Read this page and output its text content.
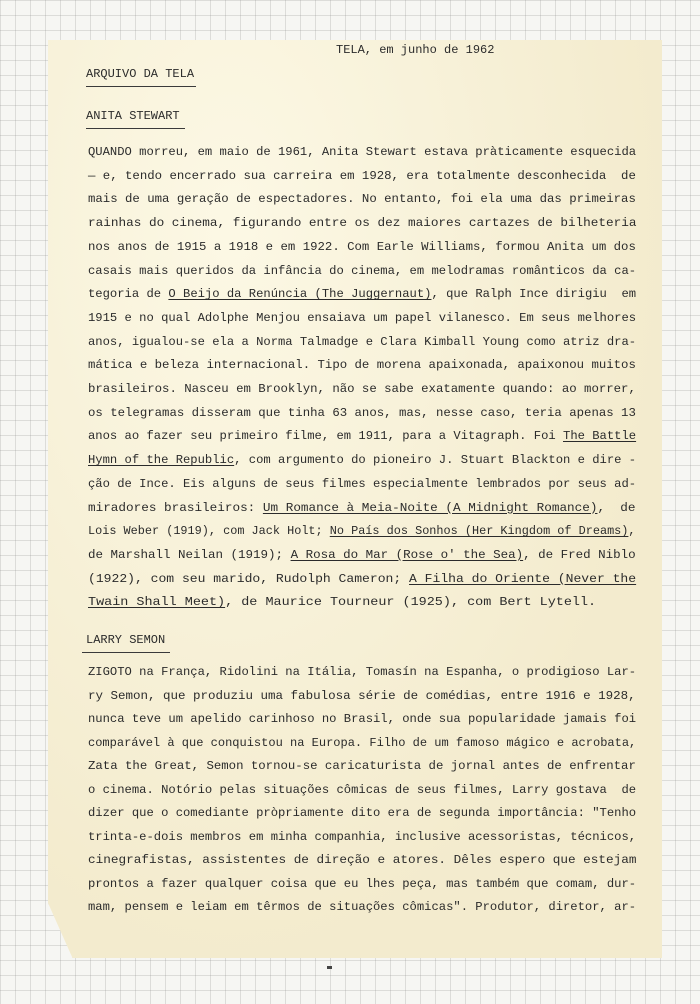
TELA, em junho de 1962
ARQUIVO DA TELA
ANITA STEWART
QUANDO morreu, em maio de 1961, Anita Stewart estava pràticamente esquecida
— e, tendo encerrado sua carreira em 1928, era totalmente desconhecida  de
mais de uma geração de espectadores. No entanto, foi ela uma das primeiras
rainhas do cinema, figurando entre os dez maiores cartazes de bilheteria
nos anos de 1915 a 1918 e em 1922. Com Earle Williams, formou Anita um dos
casais mais queridos da infância do cinema, em melodramas românticos da ca-
tegoria de O Beijo da Renúncia (The Juggernaut), que Ralph Ince dirigiu  em
1915 e no qual Adolphe Menjou ensaiava um papel vilanesco. Em seus melhores
anos, igualou-se ela a Norma Talmadge e Clara Kimball Young como atriz dra-
mática e beleza internacional. Tipo de morena apaixonada, apaixonou muitos
brasileiros. Nasceu em Brooklyn, não se sabe exatamente quando: ao morrer,
os telegramas disseram que tinha 63 anos, mas, nesse caso, teria apenas 13
anos ao fazer seu primeiro filme, em 1911, para a Vitagraph. Foi The Battle
Hymn of the Republic, com argumento do pioneiro J. Stuart Blackton e dire -
ção de Ince. Eis alguns de seus filmes especialmente lembrados por seus ad-
miradores brasileiros: Um Romance à Meia-Noite (A Midnight Romance),  de
Lois Weber (1919), com Jack Holt; No País dos Sonhos (Her Kingdom of Dreams),
de Marshall Neilan (1919); A Rosa do Mar (Rose o' the Sea), de Fred Niblo
(1922), com seu marido, Rudolph Cameron; A Filha do Oriente (Never the
Twain Shall Meet), de Maurice Tourneur (1925), com Bert Lytell.
LARRY SEMON
ZIGOTO na França, Ridolini na Itália, Tomasín na Espanha, o prodigioso Lar-
ry Semon, que produziu uma fabulosa série de comédias, entre 1916 e 1928,
nunca teve um apelido carinhoso no Brasil, onde sua popularidade jamais foi
comparável à que conquistou na Europa. Filho de um famoso mágico e acrobata,
Zata the Great, Semon tornou-se caricaturista de jornal antes de enfrentar
o cinema. Notório pelas situações cômicas de seus filmes, Larry gostava  de
dizer que o comediante pròpriamente dito era de segunda importância: "Tenho
trinta-e-dois membros em minha companhia, inclusive acessoristas, técnicos,
cinegrafistas, assistentes de direção e atores. Dêles espero que estejam
prontos a fazer qualquer coisa que eu lhes peça, mas também que comam, dur-
mam, pensem e leiam em têrmos de situações cômicas". Produtor, diretor, ar-
